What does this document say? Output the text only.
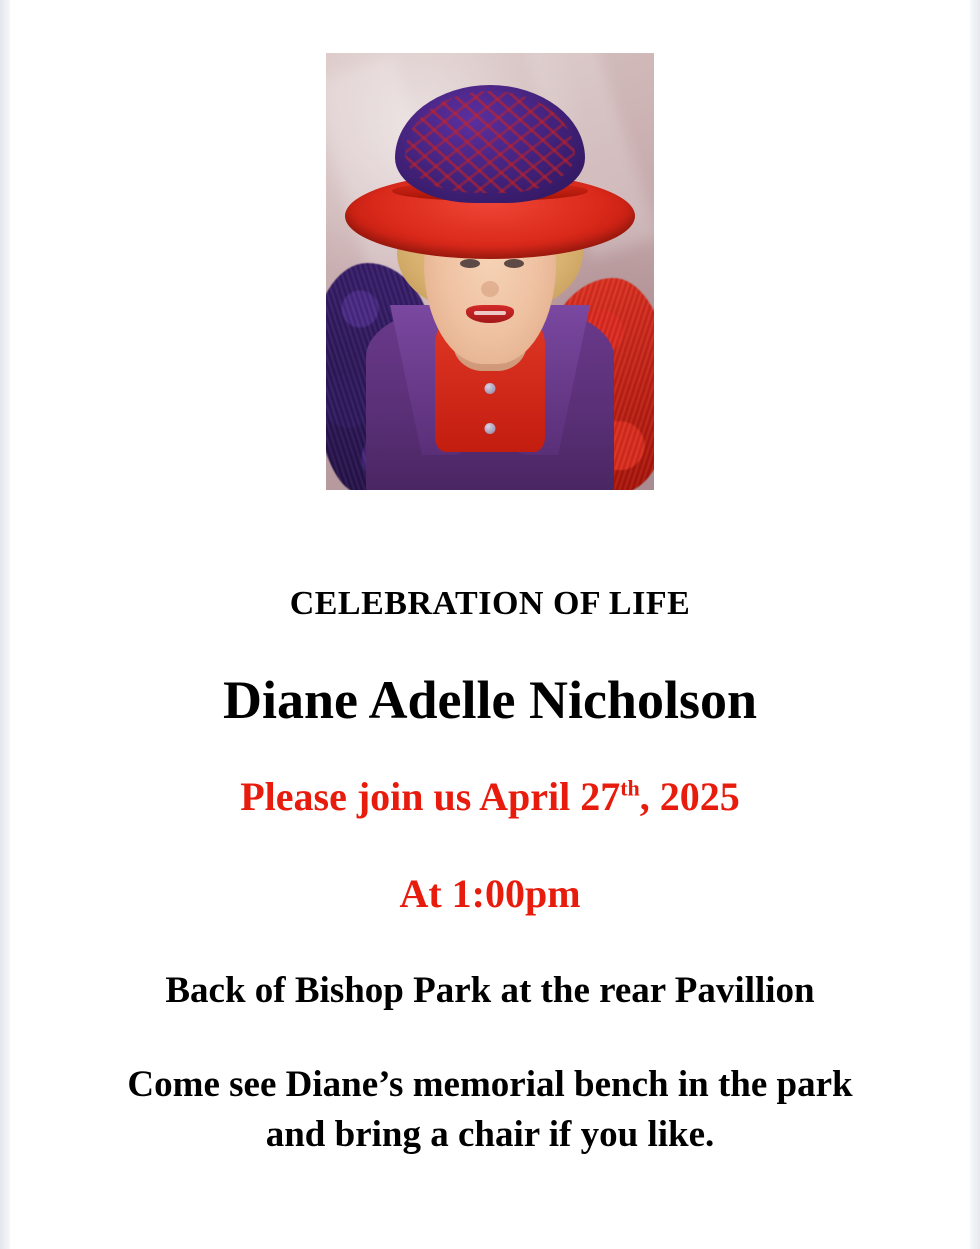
CELEBRATION OF LIFE
Diane Adelle Nicholson
Please join us April 27th, 2025
At 1:00pm
Back of Bishop Park at the rear Pavillion
Come see Diane’s memorial bench in the park
and bring a chair if you like.
